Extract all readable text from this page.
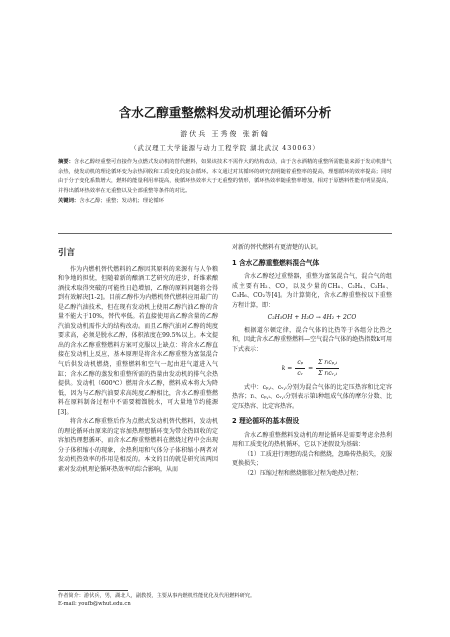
含水乙醇重整燃料发动机理论循环分析
游伏兵 王秀俊 张新翰
（武汉理工大学能源与动力工程学院 湖北武汉 430063）
摘要：含水乙醇经重整可直接作为点燃式发动机的替代燃料，如果该技术不需作大的结构改动，由于含水酒精的重整所需能量来源于发动机排气余热，使发动机的理论循环变为余热回收和工质变化的复杂循环。本文通过对其循环的研究表明随着重整率的提高，理想循环的效率提高；同时由于分子变化系数增大，燃料的能量利用率提高，使循环热效率大于无重整的情形，循环热效率随重整率增加，相对于原燃料性能有明显提高，并得出循环热效率在无重整以及全部重整等条件的对比。
关键词：含水乙醇；重整；发动机；理论循环
引言

作为内燃机替代燃料的乙醇因其原料的来源有与人争粮和争地的担忧，但随着新的酿酒工艺研究的进步，纤维素酿酒技术取得突破的可能性日趋增加，乙醇的原料问题将会得到有效解决[1-2]。目前乙醇作为内燃机替代燃料应用最广的是乙醇汽油技术，但在现有发动机上使用乙醇汽油乙醇的含量不能大于10%，替代率低。若直接使用高乙醇含量的乙醇汽油发动机需作大的结构改动。而且乙醇汽油对乙醇的纯度要求高，必须是脱水乙醇，体积浓度在99.5%以上。本文提出的含水乙醇重整燃料方案可克服以上缺点：将含水乙醇直接在发动机上反应，基本原理是将含水乙醇重整为富氢混合气后供发动机燃烧，重整燃料和空气一起由进气道进入气缸；含水乙醇的蒸发和重整所需的热量由发动机的排气余热提供。发动机（600℃）燃用含水乙醇，燃料成本将大为降低，因为与乙醇汽油要求高纯度乙醇相比，含水乙醇重整燃料在原料制备过程中不需要精馏脱水，可大量地节约能源[3]。

将含水乙醇重整后作为点燃式发动机替代燃料，发动机的理论循环由原来的定容加热理想循环变为带余热回收的定容加热理想循环，而含水乙醇重整燃料在燃烧过程中会出现分子体积缩小的现象，余热利用和气体分子体积缩小两者对发动机热效率的作用是相反的。本文的目的就是研究该两因素对发动机理论循环热效率的综合影响，从而

对新的替代燃料有更清楚的认识。

1 含水乙醇重整燃料混合气体

含水乙醇经过重整器，重整为富氢混合气，混合气的组成主要有H₂、CO，以及少量的CH₄、C₂H₄、C₂H₆、C₃H₆、CO₂等[4]。为计算简化，含水乙醇重整按以下重整方程计算，即：

C₂H₅OH + H₂O → 4H₂ + 2CO

根据道尔顿定律，混合气体的比热等于各组分比热之和，因此含水乙醇重整燃料—空气混合气体的绝热指数k可用下式表示：

$k = \frac{\text{cₚ}}{\text{cᵥ}}$ =
Σ rᵢcₚ,ᵢ
Σ rᵢcᵥ,ᵢ

式中：cₚ,ᵢ、cᵥ,ᵢ分别为混合气体的比定压热容和比定容热容；rᵢ、cₚ,ᵢ、cᵥ,ᵢ分别表示第i种组成气体的摩尔分数、比定压热容、比定容热容。

2 理论循环的基本假设

含水乙醇重整燃料发动机的理论循环是需要考虑余热利用和工质变化的热机循环，它以下述假设为基础：

（1）工质进行理想的混合和燃烧，忽略传热损失，克服更换损失；

（2）压缩过程和燃烧膨胀过程为绝热过程；

作者简介：游伏兵，男，湖北人，副教授，主要从事内燃机性能优化及代用燃料研究。
E-mail: youfb@whut.edu.cn
